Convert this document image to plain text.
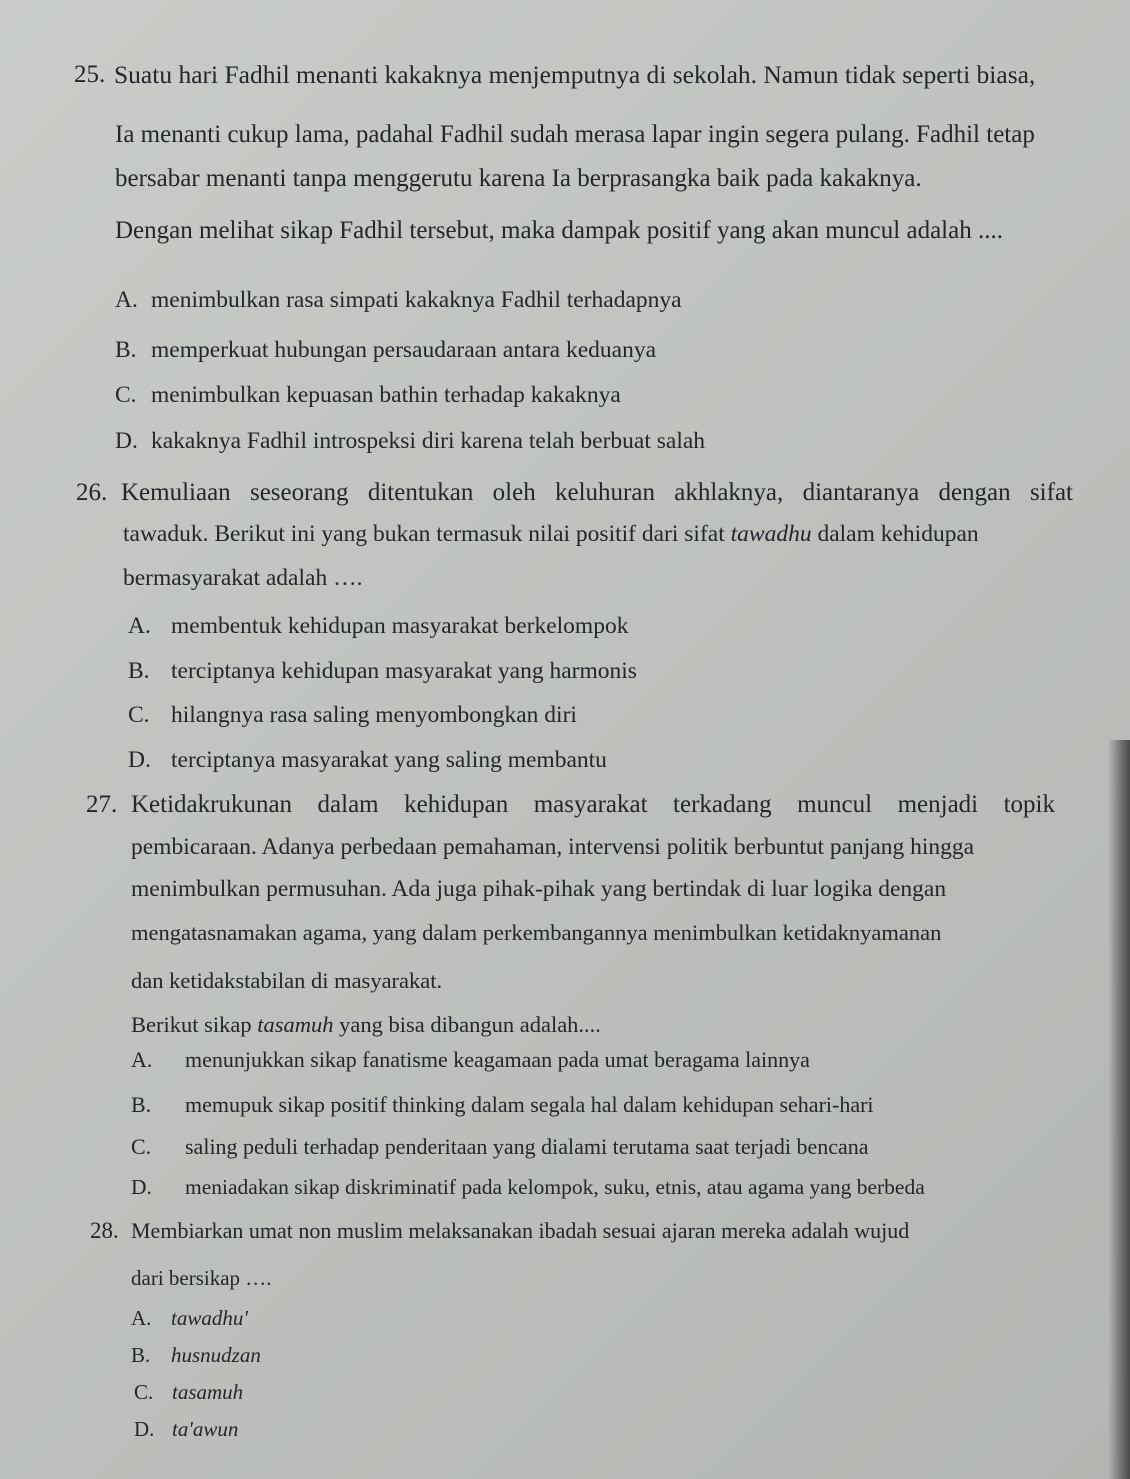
25. Suatu hari Fadhil menanti kakaknya menjemputnya di sekolah. Namun tidak seperti biasa,
Ia menanti cukup lama, padahal Fadhil sudah merasa lapar ingin segera pulang. Fadhil tetap
bersabar menanti tanpa menggerutu karena Ia berprasangka baik pada kakaknya.
Dengan melihat sikap Fadhil tersebut, maka dampak positif yang akan muncul adalah ....
A. menimbulkan rasa simpati kakaknya Fadhil terhadapnya
B. memperkuat hubungan persaudaraan antara keduanya
C. menimbulkan kepuasan bathin terhadap kakaknya
D. kakaknya Fadhil introspeksi diri karena telah berbuat salah
26. Kemuliaan seseorang ditentukan oleh keluhuran akhlaknya, diantaranya dengan sifat
tawaduk. Berikut ini yang bukan termasuk nilai positif dari sifat tawadhu dalam kehidupan
bermasyarakat adalah ….
A. membentuk kehidupan masyarakat berkelompok
B. terciptanya kehidupan masyarakat yang harmonis
C. hilangnya rasa saling menyombongkan diri
D. terciptanya masyarakat yang saling membantu
27. Ketidakrukunan dalam kehidupan masyarakat terkadang muncul menjadi topik
pembicaraan. Adanya perbedaan pemahaman, intervensi politik berbuntut panjang hingga
menimbulkan permusuhan. Ada juga pihak-pihak yang bertindak di luar logika dengan
mengatasnamakan agama, yang dalam perkembangannya menimbulkan ketidaknyamanan
dan ketidakstabilan di masyarakat.
Berikut sikap tasamuh yang bisa dibangun adalah....
A. menunjukkan sikap fanatisme keagamaan pada umat beragama lainnya
B. memupuk sikap positif thinking dalam segala hal dalam kehidupan sehari-hari
C. saling peduli terhadap penderitaan yang dialami terutama saat terjadi bencana
D. meniadakan sikap diskriminatif pada kelompok, suku, etnis, atau agama yang berbeda
28. Membiarkan umat non muslim melaksanakan ibadah sesuai ajaran mereka adalah wujud
dari bersikap ….
A. tawadhu'
B. husnudzan
C. tasamuh
D. ta'awun
